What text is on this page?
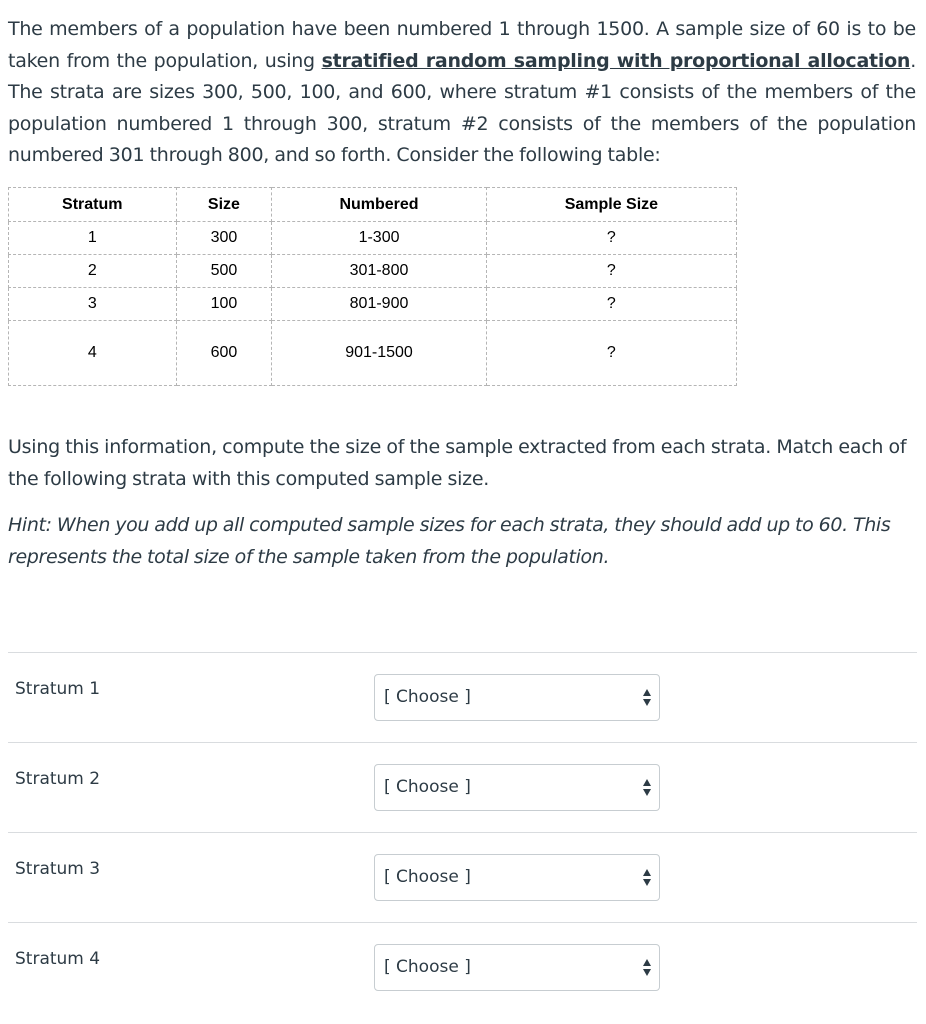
The members of a population have been numbered 1 through 1500. A sample size of 60 is to be taken from the population, using stratified random sampling with proportional allocation. The strata are sizes 300, 500, 100, and 600, where stratum #1 consists of the members of the population numbered 1 through 300, stratum #2 consists of the members of the population numbered 301 through 800, and so forth. Consider the following table:
Stratum	Size	Numbered	Sample Size
1	300	1-300	?
2	500	301-800	?
3	100	801-900	?
4	600	901-1500	?
Using this information, compute the size of the sample extracted from each strata. Match each of the following strata with this computed sample size.
Hint: When you add up all computed sample sizes for each strata, they should add up to 60. This represents the total size of the sample taken from the population.
Stratum 1	[ Choose ]
Stratum 2	[ Choose ]
Stratum 3	[ Choose ]
Stratum 4	[ Choose ]
